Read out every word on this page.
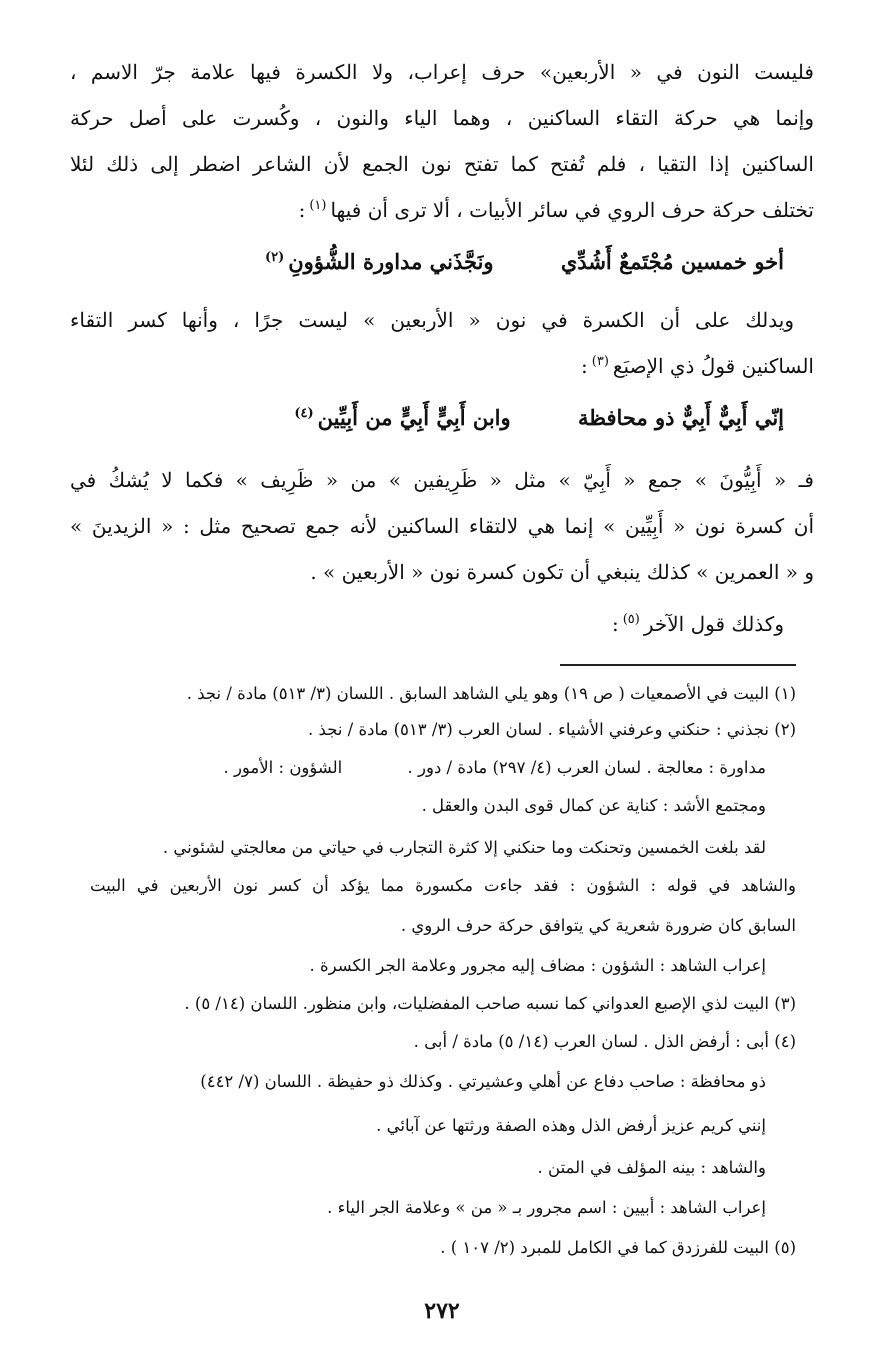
فليست النون في « الأربعين» حرف إعراب، ولا الكسرة فيها علامة جرّ الاسم ،
وإنما هي حركة التقاء الساكنين ، وهما الياء والنون ، وكُسرت على أصل حركة
الساكنين إذا التقيا ، فلم تُفتح كما تفتح نون الجمع لأن الشاعر اضطر إلى ذلك لئلا
تختلف حركة حرف الروي في سائر الأبيات ، ألا ترى أن فيها$^{(١)}$:
أخو خمسين مُجْتَمعٌ أَشُدِّي ونَجَّذَني مداورة الشُّؤونِ$^{(٢)}$
ويدلك على أن الكسرة في نون « الأربعين » ليست جرًا ، وأنها كسر التقاء
الساكنين قولُ ذي الإصبَع$^{(٣)}$:
إنّي أَبِيٌّ أَبِيٌّ ذو محافظة وابن أَبِيٍّ أَبِيٍّ من أَبِيِّين$^{(٤)}$
فـ « أَبِيُّونَ » جمع « أَبِيّ » مثل « ظَرِيفين » من « ظَرِيف » فكما لا يُشكُ في
أن كسرة نون « أَبِيِّين » إنما هي لالتقاء الساكنين لأنه جمع تصحيح مثل : « الزيدينَ »
و « العمرين » كذلك ينبغي أن تكون كسرة نون « الأربعين » .
وكذلك قول الآخر$^{(٥)}$:
(١) البيت في الأصمعيات ( ص ١٩) وهو يلي الشاهد السابق . اللسان (٣/ ٥١٣) مادة / نجذ .
(٢) نجذني : حنكني وعرفني الأشياء . لسان العرب (٣/ ٥١٣) مادة / نجذ .
مداورة : معالجة . لسان العرب (٤/ ٢٩٧) مادة / دور . الشؤون : الأمور .
ومجتمع الأشد : كناية عن كمال قوى البدن والعقل .
لقد بلغت الخمسين وتحنكت وما حنكني إلا كثرة التجارب في حياتي من معالجتي لشئوني .
والشاهد في قوله : الشؤون : فقد جاءت مكسورة مما يؤكد أن كسر نون الأربعين في البيت
السابق كان ضرورة شعرية كي يتوافق حركة حرف الروي .
إعراب الشاهد : الشؤون : مضاف إليه مجرور وعلامة الجر الكسرة .
(٣) البيت لذي الإصبع العدواني كما نسبه صاحب المفضليات، وابن منظور. اللسان (١٤/ ٥) .
(٤) أبى : أرفض الذل . لسان العرب (١٤/ ٥) مادة / أبى .
ذو محافظة : صاحب دفاع عن أهلي وعشيرتي . وكذلك ذو حفيظة . اللسان (٧/ ٤٤٢)
إنني كريم عزيز أرفض الذل وهذه الصفة ورثتها عن آبائي .
والشاهد : بينه المؤلف في المتن .
إعراب الشاهد : أبيين : اسم مجرور بـ « من » وعلامة الجر الياء .
(٥) البيت للفرزدق كما في الكامل للمبرد (٢/ ١٠٧ ) .
٢٧٢
